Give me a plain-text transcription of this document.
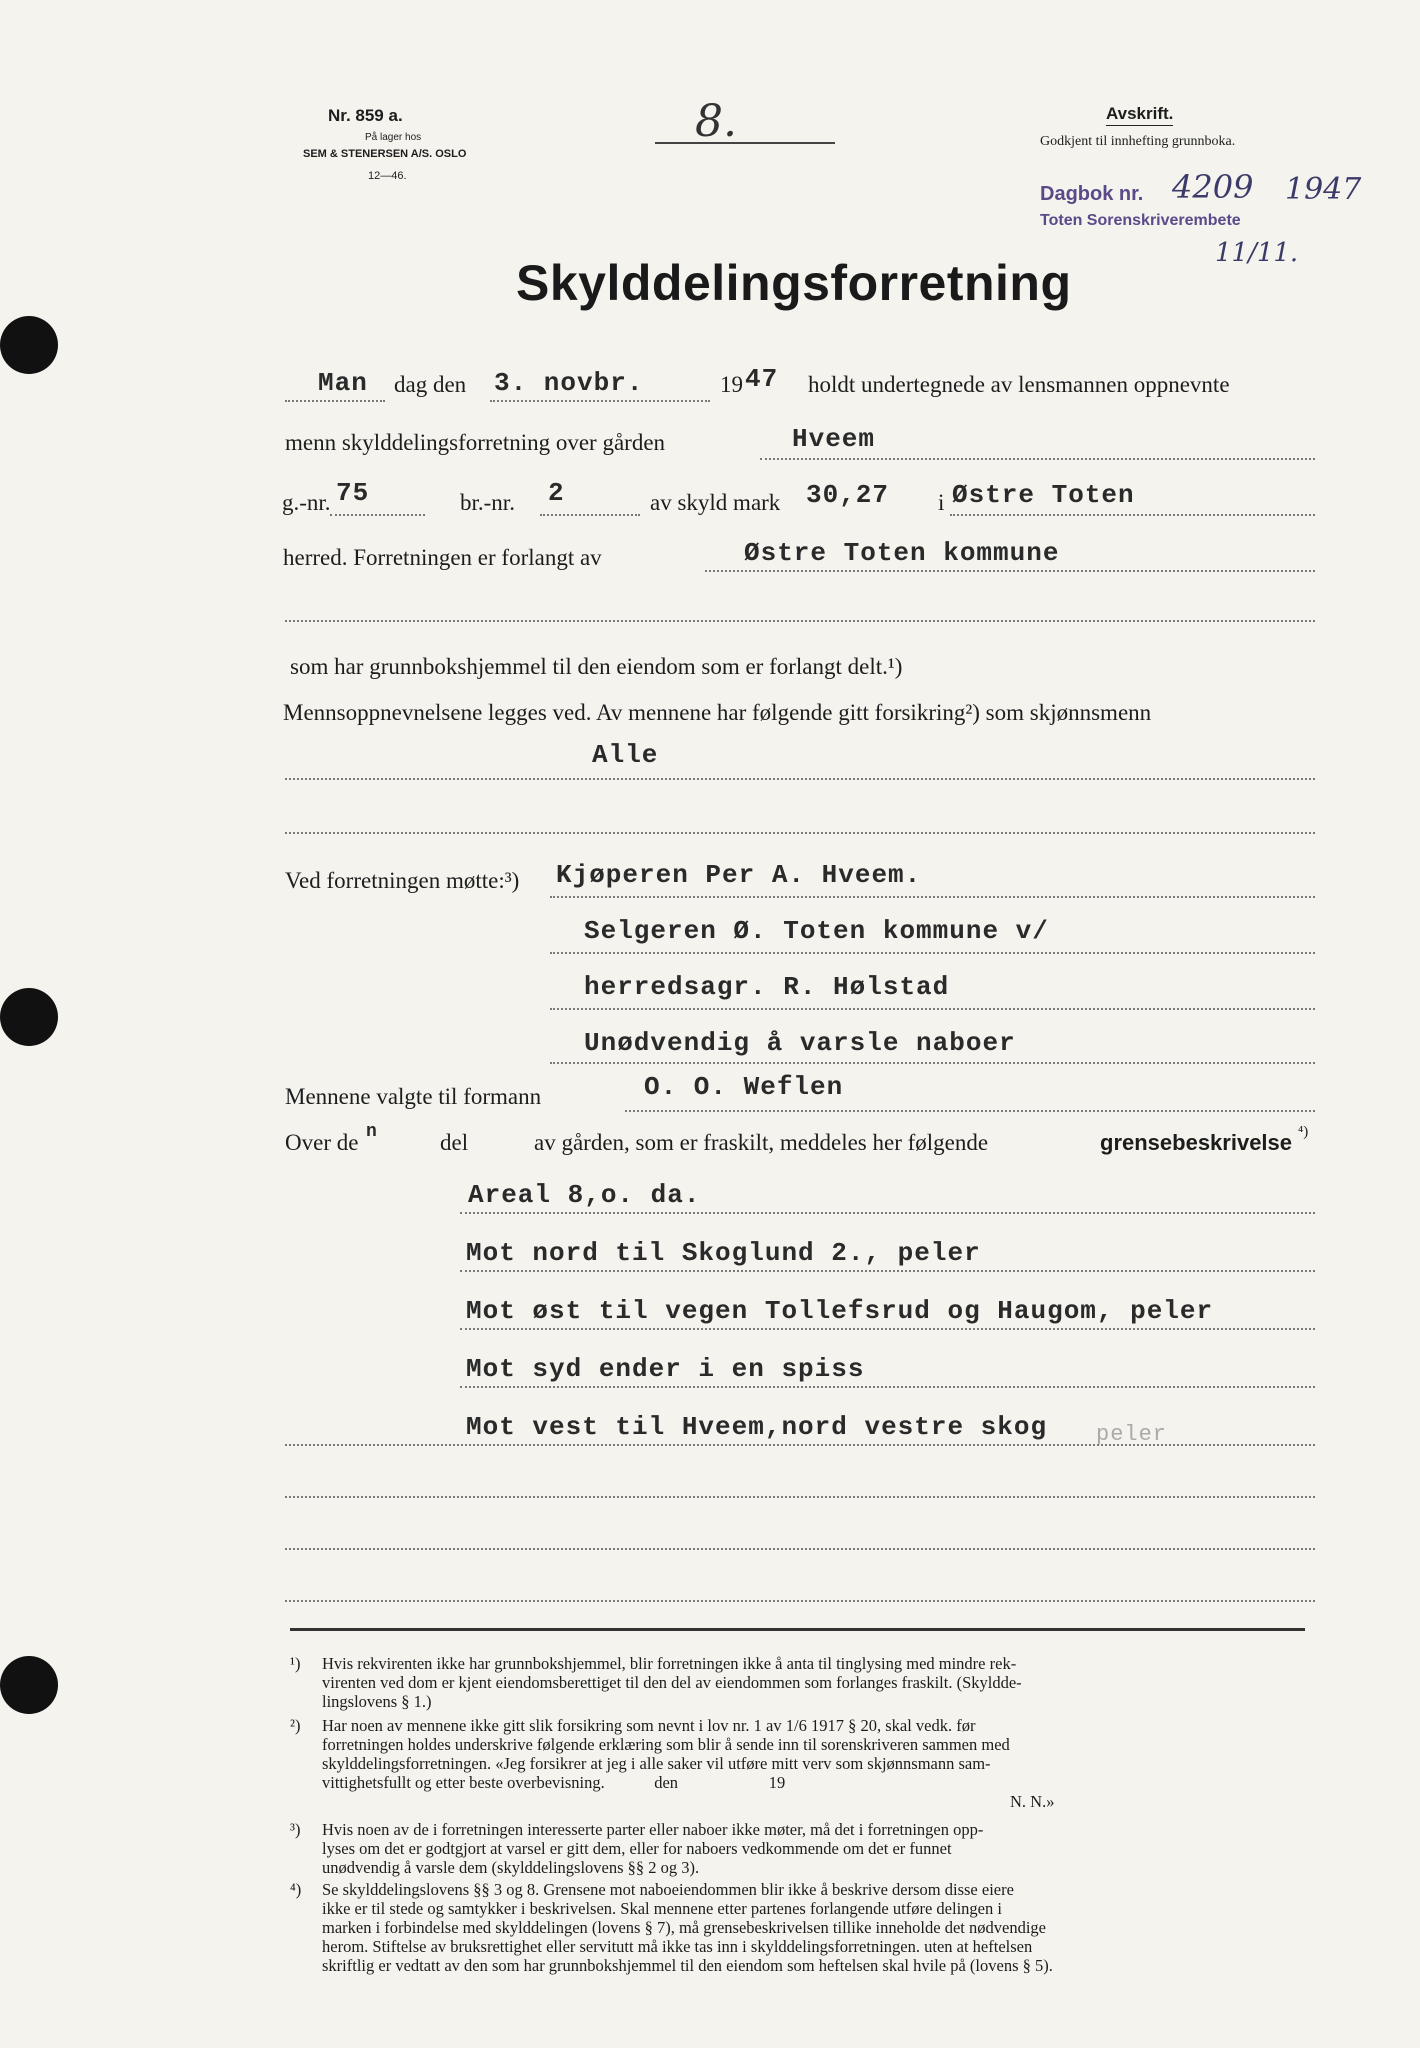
Nr. 859 a.
På lager hos
SEM & STENERSEN A/S. OSLO
12—46.
8.	Avskrift.
Godkjent til innhefting grunnboka.
Dagbok nr. 4209 1947
Toten Sorenskriverembete
11/11.
Skylddelingsforretning
Man dag den 3. novbr.	19 47 holdt undertegnede av lensmannen oppnevnte
menn skylddelingsforretning over gården	Hveem
g.-nr. 75	br.-nr. 2	av skyld mark 30,27 i Østre Toten
herred. Forretningen er forlangt av	Østre Toten kommune
som har grunnbokshjemmel til den eiendom som er forlangt delt.¹)
Mennsoppnevnelsene legges ved. Av mennene har følgende gitt forsikring²) som skjønnsmenn
Alle
Ved forretningen møtte:³) Kjøperen Per A. Hveem.
Selgeren Ø. Toten kommune v/
herredsagr. R. Hølstad
Unødvendig å varsle naboer
Mennene valgte til formann	O. O. Weflen
Over de n	del	av gården, som er fraskilt, meddeles her følgende	grensebeskrivelse ⁴)
Areal 8,o. da.
Mot nord til Skoglund 2., peler
Mot øst til vegen Tollefsrud og Haugom, peler
Mot syd ender i en spiss
Mot vest til Hveem,nord vestre skog peler
¹) Hvis rekvirenten ikke har grunnbokshjemmel, blir forretningen ikke å anta til tinglysing med mindre rek-
virenten ved dom er kjent eiendomsberettiget til den del av eiendommen som forlanges fraskilt. (Skyldde-
lingslovens § 1.)
²) Har noen av mennene ikke gitt slik forsikring som nevnt i lov nr. 1 av 1/6 1917 § 20, skal vedk. før
forretningen holdes underskrive følgende erklæring som blir å sende inn til sorenskriveren sammen med
skylddelingsforretningen. «Jeg forsikrer at jeg i alle saker vil utføre mitt verv som skjønnsmann sam-
vittighetsfullt og etter beste overbevisning.            den                      19
N. N.»
³) Hvis noen av de i forretningen interesserte parter eller naboer ikke møter, må det i forretningen opp-
lyses om det er godtgjort at varsel er gitt dem, eller for naboers vedkommende om det er funnet
unødvendig å varsle dem (skylddelingslovens §§ 2 og 3).
⁴) Se skylddelingslovens §§ 3 og 8. Grensene mot naboeiendommen blir ikke å beskrive dersom disse eiere
ikke er til stede og samtykker i beskrivelsen. Skal mennene etter partenes forlangende utføre delingen i
marken i forbindelse med skylddelingen (lovens § 7), må grensebeskrivelsen tillike inneholde det nødvendige
herom. Stiftelse av bruksrettighet eller servitutt må ikke tas inn i skylddelingsforretningen. uten at heftelsen
skriftlig er vedtatt av den som har grunnbokshjemmel til den eiendom som heftelsen skal hvile på (lovens § 5).
